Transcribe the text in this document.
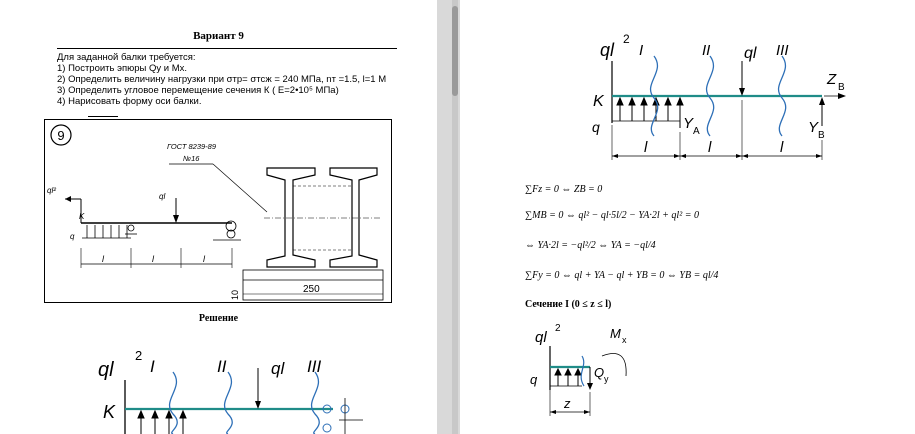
Вариант 9
Для заданной балки требуется:
1) Построить эпюры Qy и Mx.
2) Определить величину нагрузки при σтр= σтсж = 240 МПа, nт =1.5, l=1 М
3) Определить угловое перемещение сечения К ( E=2•10⁵ МПа)
4) Нарисовать форму оси балки.
9
ГОСТ 8239-89
№16
250
10
ql²
ql
q
K
l	l	l
Решение
ql
2
I	II	ql III
K
ql
2
I	II ql III
Z B
K
q	Y A	Y B
l	l	l
∑Fz = 0 ⇔ ZB = 0
∑MB = 0 ⇔ ql² − ql·5l/2 − YA·2l + ql² = 0
⇔ YA·2l = −ql²/2 ⇔ YA = −ql/4
∑Fy = 0 ⇔ ql + YA − ql + YB = 0 ⇔ YB = ql/4
Сечение I (0 ≤ z ≤ l)
ql
2	M x
q	Q y
z
